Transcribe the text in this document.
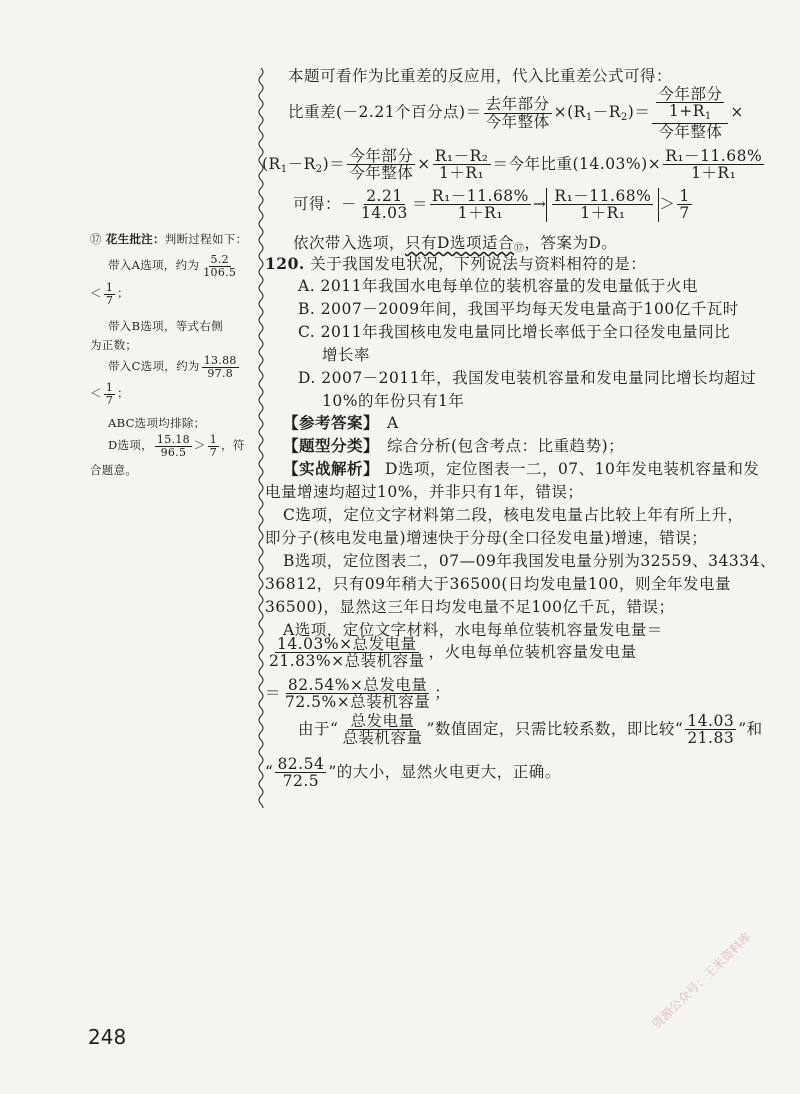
⑰ 花生批注：判断过程如下：
带入A选项，约为 $\frac{5.2}{106.5}$
＜ $\frac{1}{7}$ ；
带入B选项，等式右侧
为正数；
带入C选项，约为 $\frac{13.88}{97.8}$
＜ $\frac{1}{7}$ ；
ABC选项均排除；
D选项， $\frac{15.18}{96.5} > \frac{1}{7}$ ，符
合题意。
本题可看作为比重差的反应用，代入比重差公式可得：
比重差(－2.21个百分点)＝ $\frac{\text{去年部分}}{\text{今年整体}} \times(R_1-R_2)= \frac{\frac{\text{今年部分}}{1+R_1}}{\text{今年整体}}$ ×
$(R_1-R_2)= \frac{\text{今年部分}}{\text{今年整体}} \times \frac{\text{R₁－R₂}}{\text{1＋R₁}}$ ＝今年比重$(14.03\%)\times \frac{\text{R₁－11.68\%}}{\text{1＋R₁}}$
可得：－ $\frac{2.21}{14.03} = \frac{\text{R₁－11.68\%}}{\text{1＋R₁}} \to \frac{\text{R₁－11.68\%}}{\text{1＋R₁}} > \frac{1}{7}$
依次带入选项，只有D选项适合$_⑰$，答案为D。
120. 关于我国发电状况，下列说法与资料相符的是：
A. 2011年我国水电每单位的装机容量的发电量低于火电
B. 2007－2009年间，我国平均每天发电量高于100亿千瓦时
C. 2011年我国核电发电量同比增长率低于全口径发电量同比
增长率
D. 2007－2011年，我国发电装机容量和发电量同比增长均超过
10%的年份只有1年
【参考答案】 A
【题型分类】 综合分析(包含考点：比重趋势)；
【实战解析】 D选项，定位图表一二，07、10年发电装机容量和发
电量增速均超过10%，并非只有1年，错误；
C选项，定位文字材料第二段，核电发电量占比较上年有所上升，
即分子(核电发电量)增速快于分母(全口径发电量)增速，错误；
B选项，定位图表二，07—09年我国发电量分别为32559、34334、
36812，只有09年稍大于36500(日均发电量100，则全年发电量
36500)，显然这三年日均发电量不足100亿千瓦，错误；
A选项，定位文字材料，水电每单位装机容量发电量＝
$\frac{\text{14.03\%×总发电量}}{\text{21.83\%×总装机容量}}$ ，火电每单位装机容量发电量
＝ $\frac{\text{82.54\%×总发电量}}{\text{72.5\%×总装机容量}}$ ；
由于“ $\frac{\text{总发电量}}{\text{总装机容量}}$ ”数值固定，只需比较系数，即比较“ $\frac{14.03}{21.83}$ ”和
“ $\frac{82.54}{72.5}$ ”的大小，显然火电更大，正确。
248
资源公众号：王米资料库
